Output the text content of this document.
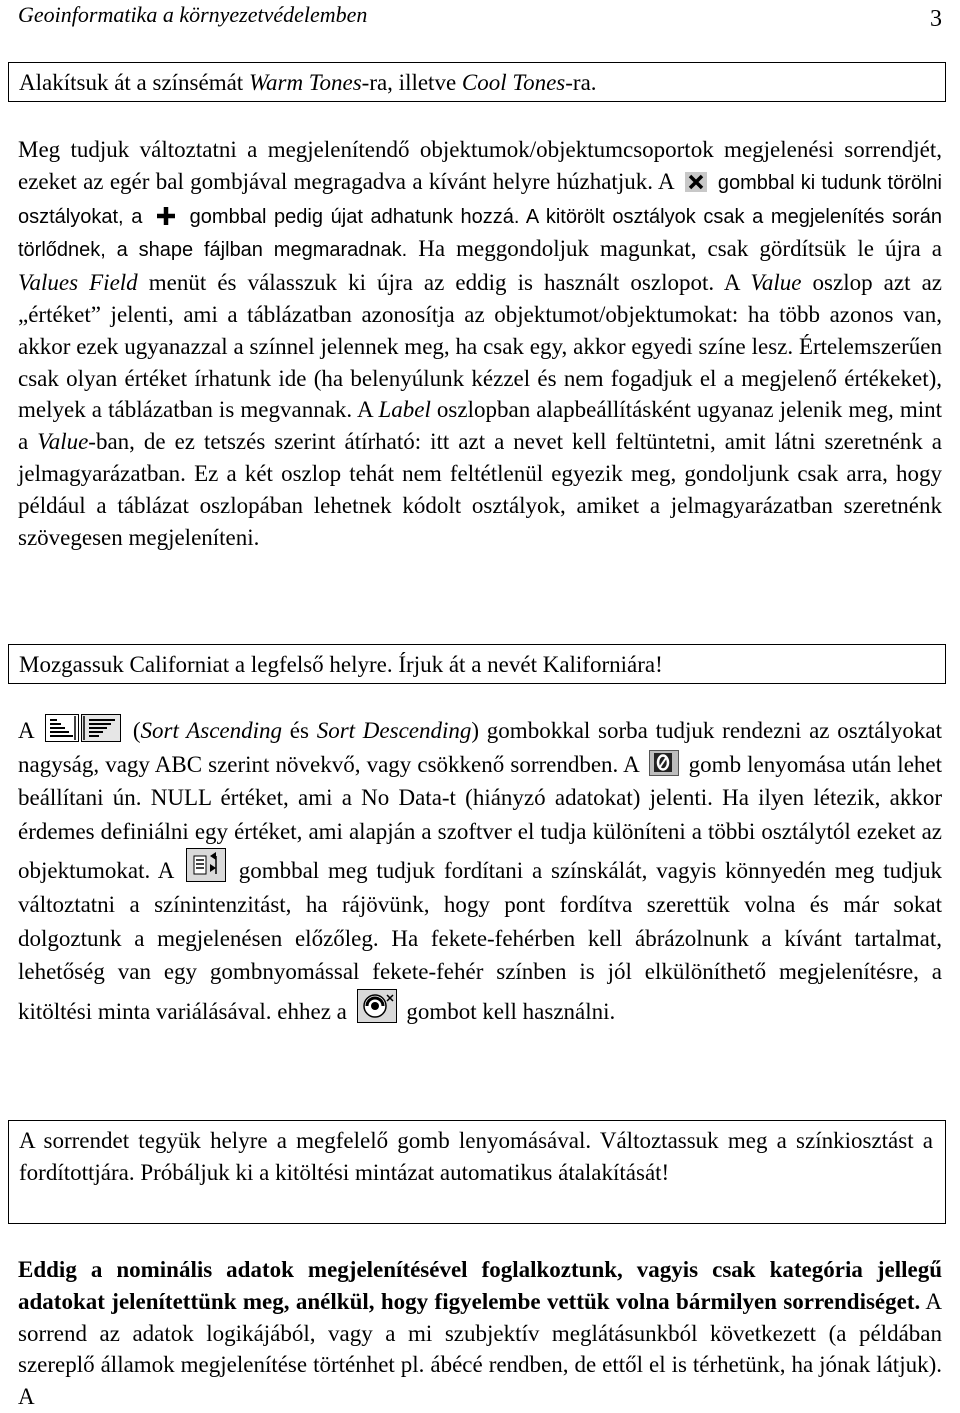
Geoinformatika a környezetvédelemben	3
Alakítsuk át a színsémát Warm Tones-ra, illetve Cool Tones-ra.

Meg tudjuk változtatni a megjelenítendő objektumok/objektumcsoportok megjelenési sorrendjét, ezeket az egér bal gombjával megragadva a kívánt helyre húzhatjuk. A
gombbal ki tudunk törölni osztályokat, a
gombbal pedig újat adhatunk hozzá. A kitörölt osztályok csak a megjelenítés során törlődnek, a shape fájlban megmaradnak. Ha meggondoljuk magunkat, csak gördítsük le újra a Values Field menüt és válasszuk ki újra az eddig is használt oszlopot. A Value oszlop azt az „értéket” jelenti, ami a táblázatban azonosítja az objektumot/objektumokat: ha több azonos van, akkor ezek ugyanazzal a színnel jelennek meg, ha csak egy, akkor egyedi színe lesz. Értelemszerűen csak olyan értéket írhatunk ide (ha belenyúlunk kézzel és nem fogadjuk el a megjelenő értékeket), melyek a táblázatban is megvannak. A Label oszlopban alapbeállításként ugyanaz jelenik meg, mint a Value-ban, de ez tetszés szerint átírható: itt azt a nevet kell feltüntetni, amit látni szeretnénk a jelmagyarázatban. Ez a két oszlop tehát nem feltétlenül egyezik meg, gondoljunk csak arra, hogy például a táblázat oszlopában lehetnek kódolt osztályok, amiket a jelmagyarázatban szeretnénk szövegesen megjeleníteni.

Mozgassuk Californiat a legfelső helyre. Írjuk át a nevét Kaliforniára!

A	(Sort Ascending és Sort Descending) gombokkal sorba tudjuk rendezni az osztályokat nagyság, vagy ABC szerint növekvő, vagy csökkenő sorrendben. A
gomb lenyomása után lehet beállítani ún. NULL értéket, ami a No Data-t (hiányzó adatokat) jelenti. Ha ilyen létezik, akkor érdemes definiálni egy értéket, ami alapján a szoftver el tudja különíteni a többi osztálytól ezeket az objektumokat. A
gombbal meg tudjuk fordítani a színskálát, vagyis könnyedén meg tudjuk változtatni a színintenzitást, ha rájövünk, hogy pont fordítva szerettük volna és már sokat dolgoztunk a megjelenésen előzőleg. Ha fekete-fehérben kell ábrázolnunk a kívánt tartalmat, lehetőség van egy gombnyomással fekete-fehér színben is jól elkülöníthető megjelenítésre, a kitöltési minta variálásával. ehhez a
gombot kell használni.

A sorrendet tegyük helyre a megfelelő gomb lenyomásával. Változtassuk meg a színkiosztást a fordítottjára. Próbáljuk ki a kitöltési mintázat automatikus átalakítását!

Eddig a nominális adatok megjelenítésével foglalkoztunk, vagyis csak kategória jellegű adatokat jelenítettünk meg, anélkül, hogy figyelembe vettük volna bármilyen sorrendiséget. A sorrend az adatok logikájából, vagy a mi szubjektív meglátásunkból következett (a példában szereplő államok megjelenítése történhet pl. ábécé rendben, de ettől el is térhetünk, ha jónak látjuk). A
